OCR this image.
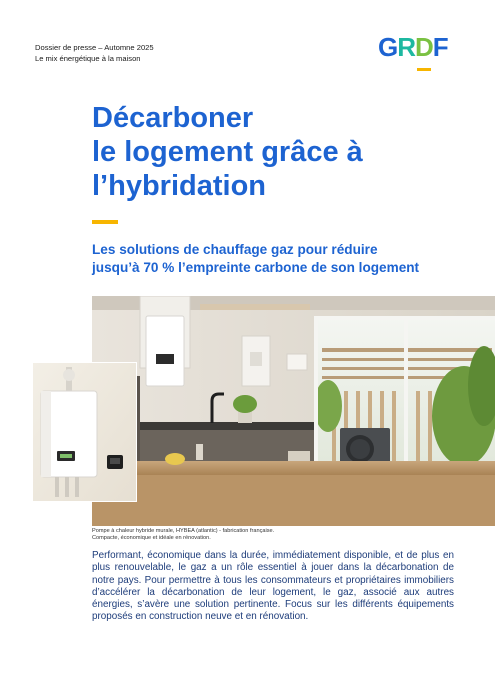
Dossier de presse – Automne 2025
Le mix énergétique à la maison	GRDF
Décarboner
le logement grâce à
l’hybridation
Les solutions de chauffage gaz pour réduire
jusqu’à 70 % l’empreinte carbone de son logement
Pompe à chaleur hybride murale, HYBEA (atlantic) - fabrication française.
Compacte, économique et idéale en rénovation.

Performant, économique dans la durée, immédiatement disponible, et de plus en plus renouvelable, le gaz a un rôle essentiel à jouer dans la décarbonation de notre pays. Pour permettre à tous les consommateurs et propriétaires immobiliers d’accélérer la décarbonation de leur logement, le gaz, associé aux autres énergies, s’avère une solution pertinente. Focus sur les différents équipements proposés en construction neuve et en rénovation.
